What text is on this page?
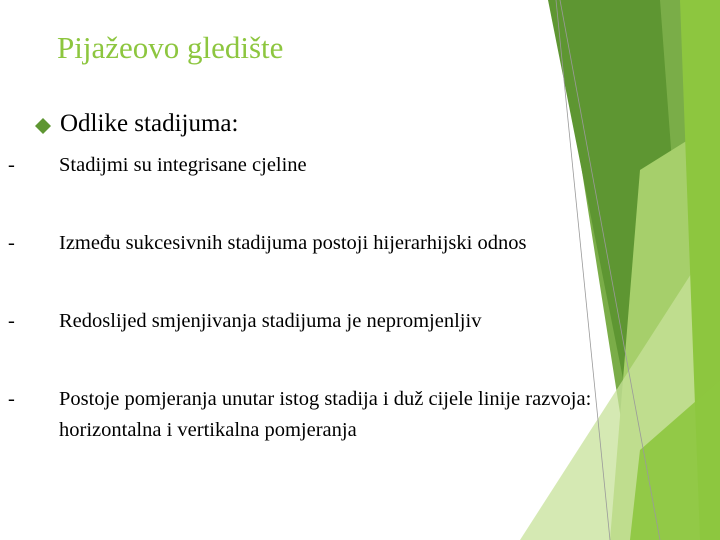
Pijažeovo gledište
Odlike stadijuma:
- Stadijmi su integrisane cjeline
- Između sukcesivnih stadijuma postoji hijerarhijski odnos
- Redoslijed smjenjivanja stadijuma je nepromjenljiv
- Postoje pomjeranja unutar istog stadija i duž cijele linije razvoja: horizontalna i vertikalna pomjeranja
